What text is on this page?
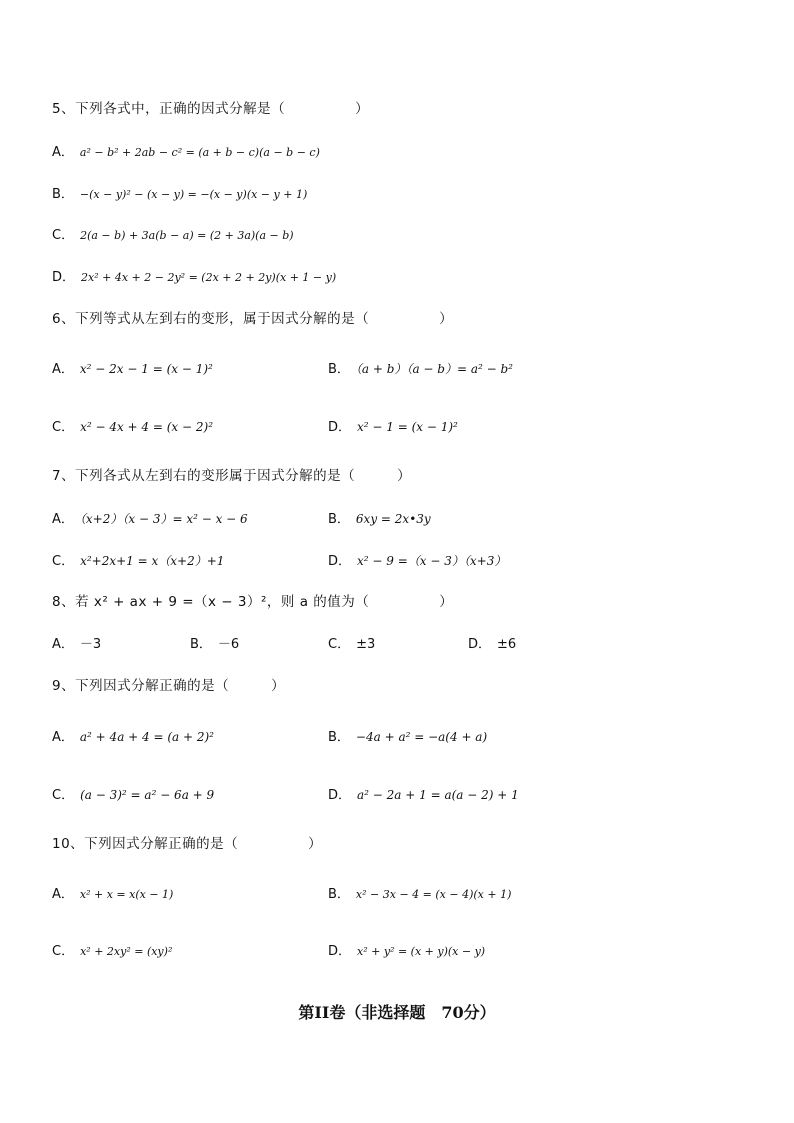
5、下列各式中，正确的因式分解是（　　　　　）
A． a² − b² + 2ab − c² = (a + b − c)(a − b − c)
B． −(x − y)² − (x − y) = −(x − y)(x − y + 1)
C． 2(a − b) + 3a(b − a) = (2 + 3a)(a − b)
D． 2x² + 4x + 2 − 2y² = (2x + 2 + 2y)(x + 1 − y)
6、下列等式从左到右的变形，属于因式分解的是（　　　　　）
A． x² − 2x − 1 = (x − 1)²	B． （a + b）（a − b）= a² − b²
C． x² − 4x + 4 = (x − 2)²	D． x² − 1 = (x − 1)²
7、下列各式从左到右的变形属于因式分解的是（　　　）
A． （x+2）（x − 3）= x² − x − 6	B． 6xy = 2x•3y
C． x²+2x+1 = x（x+2）+1	D． x² − 9 =（x − 3）（x+3）
8、若 x² + ax + 9 =（x − 3）²，则 a 的值为（　　　　　）
A． －3	B． －6	C． ±3	D． ±6
9、下列因式分解正确的是（　　　）
A． a² + 4a + 4 = (a + 2)²	B． −4a + a² = −a(4 + a)
C． (a − 3)² = a² − 6a + 9	D． a² − 2a + 1 = a(a − 2) + 1
10、下列因式分解正确的是（　　　　　）
A． x² + x = x(x − 1)	B． x² − 3x − 4 = (x − 4)(x + 1)
C． x² + 2xy² = (xy)²	D． x² + y² = (x + y)(x − y)
第II卷（非选择题　70分）
